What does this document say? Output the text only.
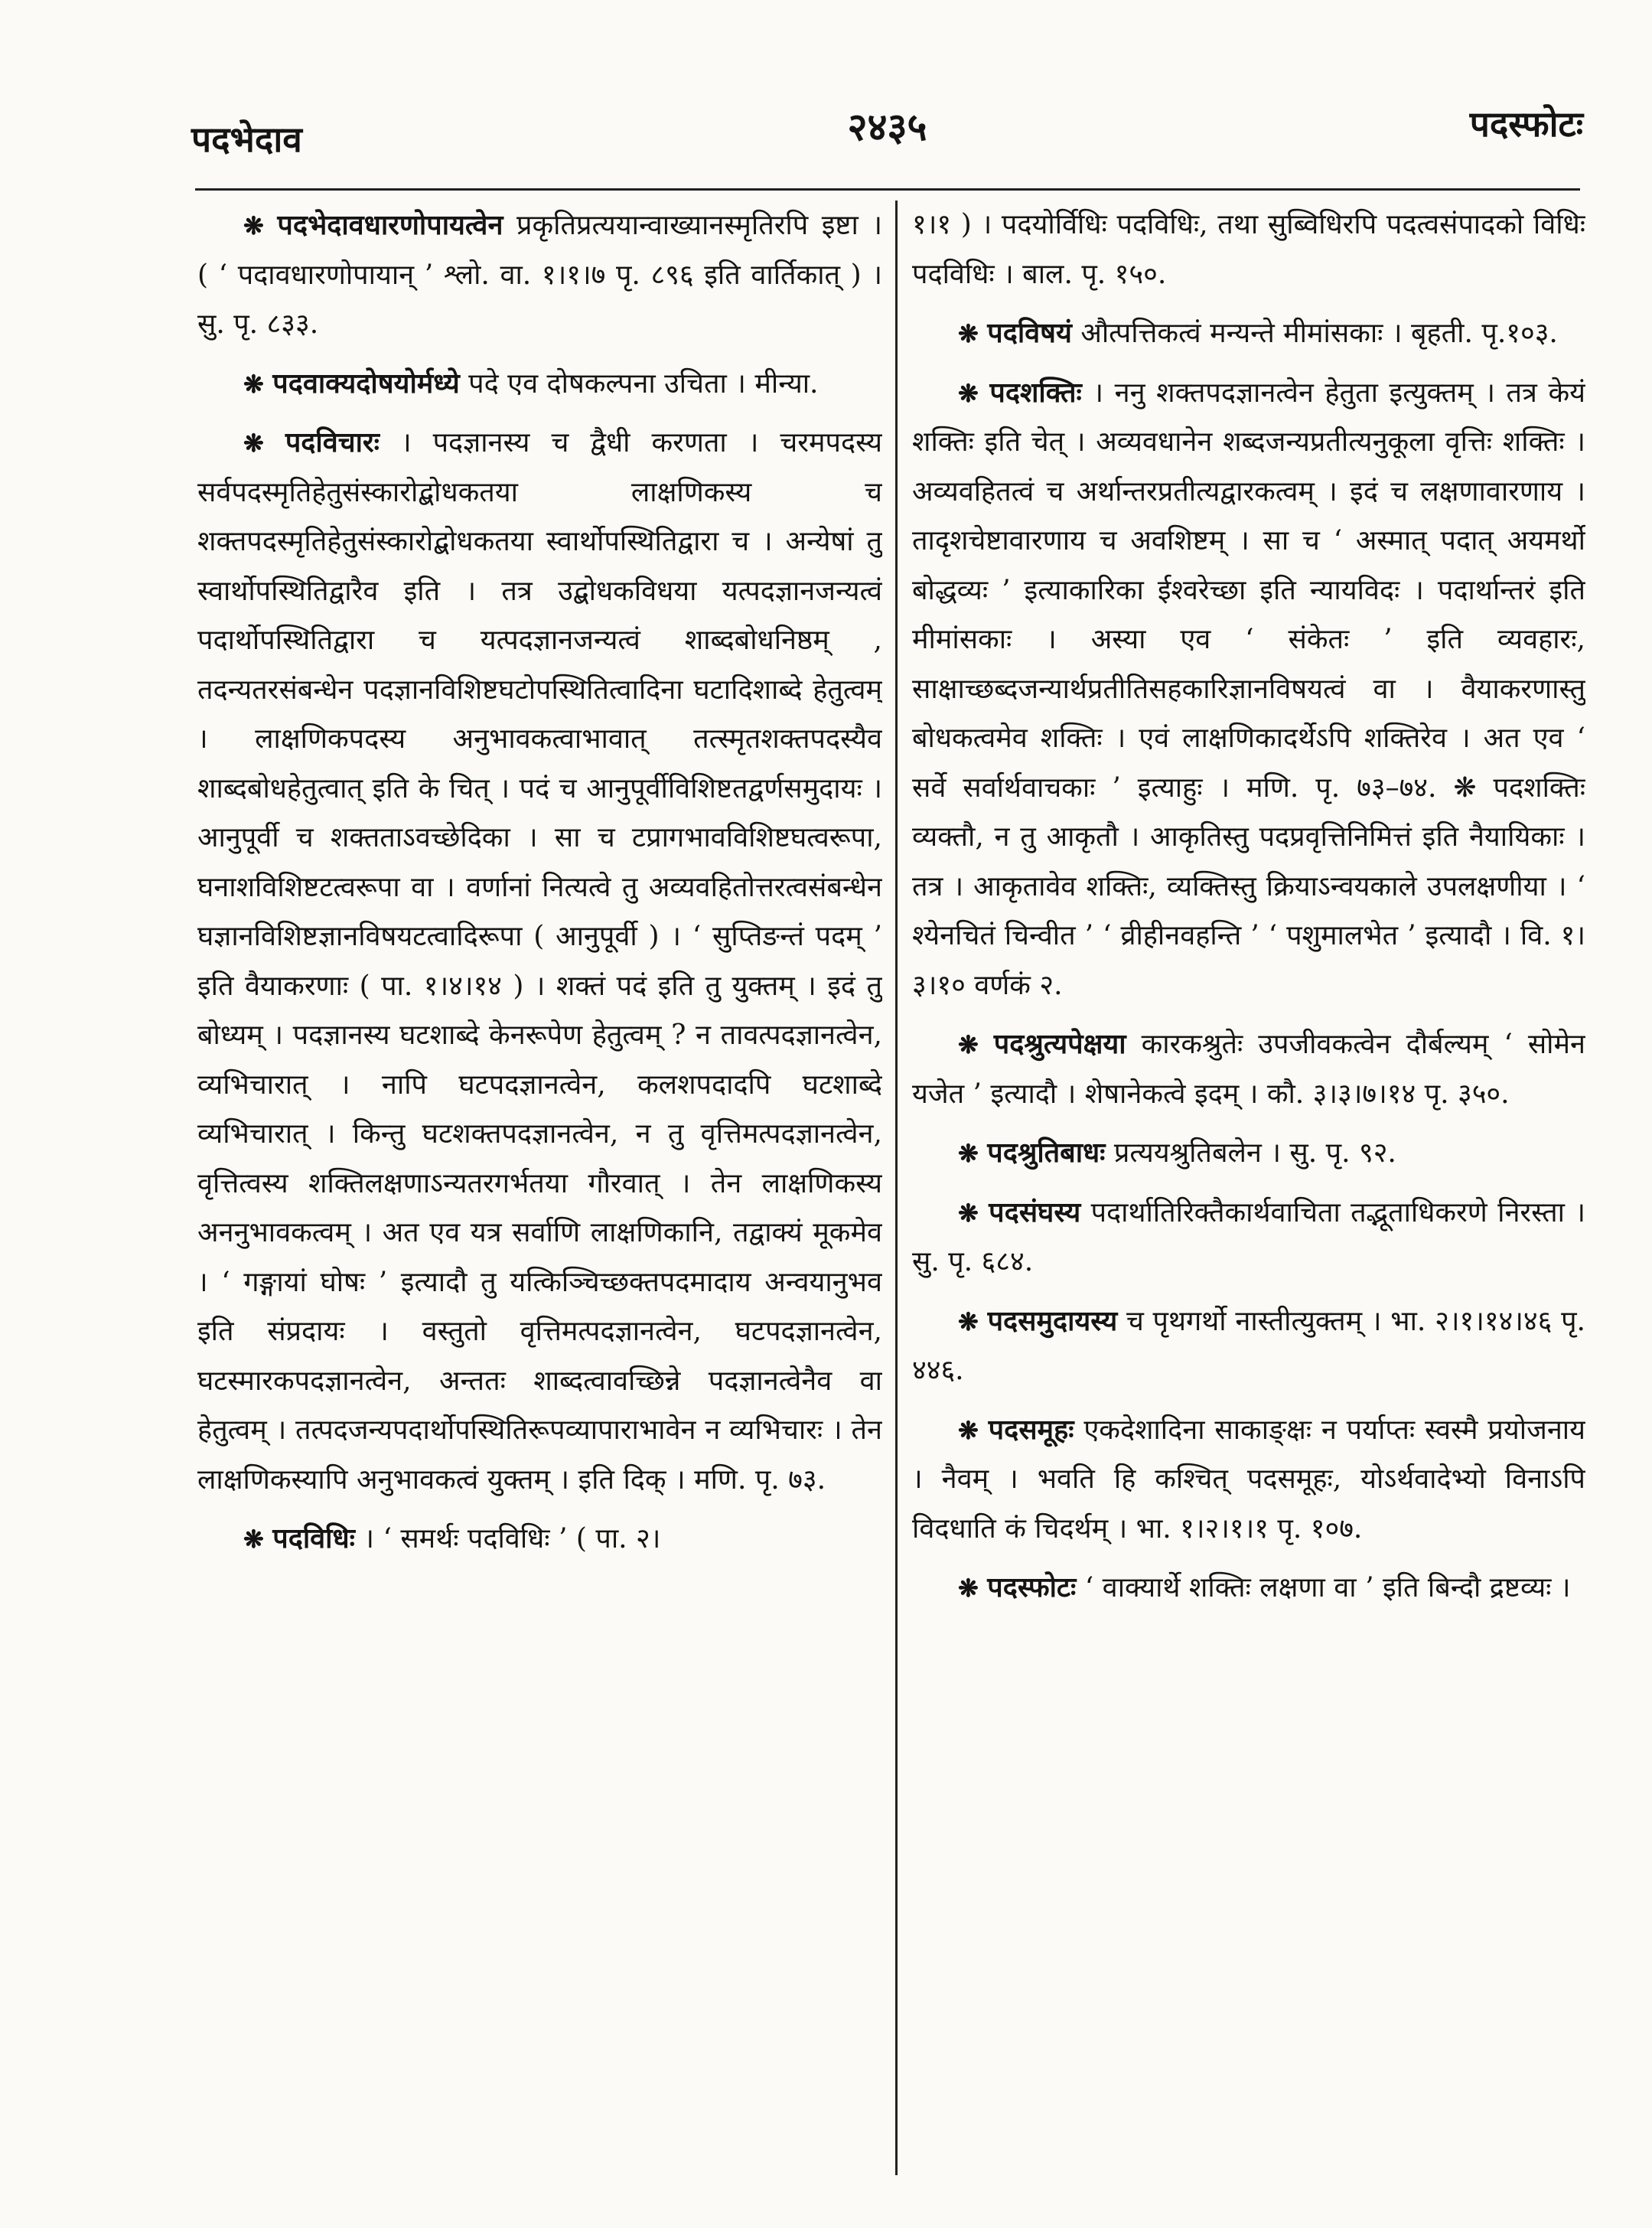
पदभेदाव	२४३५	पदस्फोटः

❋ पदभेदावधारणोपायत्वेन प्रकृतिप्रत्ययान्वाख्यानस्मृतिरपि इष्टा । ( ‘ पदावधारणोपायान् ’ श्लो. वा. १।१।७ पृ. ८९६ इति वार्तिकात् ) । सु. पृ. ८३३.

❋ पदवाक्यदोषयोर्मध्ये पदे एव दोषकल्पना उचिता । मीन्या.

❋ पदविचारः । पदज्ञानस्य च द्वैधी करणता । चरमपदस्य सर्वपदस्मृतिहेतुसंस्कारोद्बोधकतया लाक्षणिकस्य च शक्तपदस्मृतिहेतुसंस्कारोद्बोधकतया स्वार्थोपस्थितिद्वारा च । अन्येषां तु स्वार्थोपस्थितिद्वारैव इति । तत्र उद्बोधकविधया यत्पदज्ञानजन्यत्वं पदार्थोपस्थितिद्वारा च यत्पदज्ञानजन्यत्वं शाब्दबोधनिष्ठम् , तदन्यतरसंबन्धेन पदज्ञानविशिष्टघटोपस्थितित्वादिना घटादिशाब्दे हेतुत्वम् । लाक्षणिकपदस्य अनुभावकत्वाभावात् तत्स्मृतशक्तपदस्यैव शाब्दबोधहेतुत्वात् इति के चित् । पदं च आनुपूर्वीविशिष्टतद्वर्णसमुदायः । आनुपूर्वी च शक्तताऽवच्छेदिका । सा च टप्रागभावविशिष्टघत्वरूपा, घनाशविशिष्टटत्वरूपा वा । वर्णानां नित्यत्वे तु अव्यवहितोत्तरत्वसंबन्धेन घज्ञानविशिष्टज्ञानविषयटत्वादिरूपा ( आनुपूर्वी ) । ‘ सुप्तिङन्तं पदम् ’ इति वैयाकरणाः ( पा. १।४।१४ ) । शक्तं पदं इति तु युक्तम् । इदं तु बोध्यम् । पदज्ञानस्य घटशाब्दे केनरूपेण हेतुत्वम् ? न तावत्पदज्ञानत्वेन, व्यभिचारात् । नापि घटपदज्ञानत्वेन, कलशपदादपि घटशाब्दे व्यभिचारात् । किन्तु घटशक्तपदज्ञानत्वेन, न तु वृत्तिमत्पदज्ञानत्वेन, वृत्तित्वस्य शक्तिलक्षणाऽन्यतरगर्भतया गौरवात् । तेन लाक्षणिकस्य अननुभावकत्वम् । अत एव यत्र सर्वाणि लाक्षणिकानि, तद्वाक्यं मूकमेव । ‘ गङ्गायां घोषः ’ इत्यादौ तु यत्किञ्चिच्छक्तपदमादाय अन्वयानुभव इति संप्रदायः । वस्तुतो वृत्तिमत्पदज्ञानत्वेन, घटपदज्ञानत्वेन, घटस्मारकपदज्ञानत्वेन, अन्ततः शाब्दत्वावच्छिन्ने पदज्ञानत्वेनैव वा हेतुत्वम् । तत्पदजन्यपदार्थोपस्थितिरूपव्यापाराभावेन न व्यभिचारः । तेन लाक्षणिकस्यापि अनुभावकत्वं युक्तम् । इति दिक् । मणि. पृ. ७३.

❋ पदविधिः । ‘ समर्थः पदविधिः ’ ( पा. २।

१।१ ) । पदयोर्विधिः पदविधिः, तथा सुब्विधिरपि पदत्वसंपादको विधिः पदविधिः । बाल. पृ. १५०.

❋ पदविषयं औत्पत्तिकत्वं मन्यन्ते मीमांसकाः । बृहती. पृ.१०३.

❋ पदशक्तिः । ननु शक्तपदज्ञानत्वेन हेतुता इत्युक्तम् । तत्र केयं शक्तिः इति चेत् । अव्यवधानेन शब्दजन्यप्रतीत्यनुकूला वृत्तिः शक्तिः । अव्यवहितत्वं च अर्थान्तरप्रतीत्यद्वारकत्वम् । इदं च लक्षणावारणाय । तादृशचेष्टावारणाय च अवशिष्टम् । सा च ‘ अस्मात् पदात् अयमर्थो बोद्धव्यः ’ इत्याकारिका ईश्वरेच्छा इति न्यायविदः । पदार्थान्तरं इति मीमांसकाः । अस्या एव ‘ संकेतः ’ इति व्यवहारः, साक्षाच्छब्दजन्यार्थप्रतीतिसहकारिज्ञानविषयत्वं वा । वैयाकरणास्तु बोधकत्वमेव शक्तिः । एवं लाक्षणिकादर्थेऽपि शक्तिरेव । अत एव ‘ सर्वे सर्वार्थवाचकाः ’ इत्याहुः । मणि. पृ. ७३–७४. ❋ पदशक्तिः व्यक्तौ, न तु आकृतौ । आकृतिस्तु पदप्रवृत्तिनिमित्तं इति नैयायिकाः । तत्र । आकृतावेव शक्तिः, व्यक्तिस्तु क्रियाऽन्वयकाले उपलक्षणीया । ‘ श्येनचितं चिन्वीत ’ ‘ व्रीहीनवहन्ति ’ ‘ पशुमालभेत ’ इत्यादौ । वि. १।३।१० वर्णकं २.

❋ पदश्रुत्यपेक्षया कारकश्रुतेः उपजीवकत्वेन दौर्बल्यम् ‘ सोमेन यजेत ’ इत्यादौ । शेषानेकत्वे इदम् । कौ. ३।३।७।१४ पृ. ३५०.

❋ पदश्रुतिबाधः प्रत्ययश्रुतिबलेन । सु. पृ. ९२.

❋ पदसंघस्य पदार्थातिरिक्तैकार्थवाचिता तद्भूताधिकरणे निरस्ता । सु. पृ. ६८४.

❋ पदसमुदायस्य च पृथगर्थो नास्तीत्युक्तम् । भा. २।१।१४।४६ पृ. ४४६.

❋ पदसमूहः एकदेशादिना साकाङ्क्षः न पर्याप्तः स्वस्मै प्रयोजनाय । नैवम् । भवति हि कश्चित् पदसमूहः, योऽर्थवादेभ्यो विनाऽपि विदधाति कं चिदर्थम् । भा. १।२।१।१ पृ. १०७.

❋ पदस्फोटः ‘ वाक्यार्थे शक्तिः लक्षणा वा ’ इति बिन्दौ द्रष्टव्यः ।
